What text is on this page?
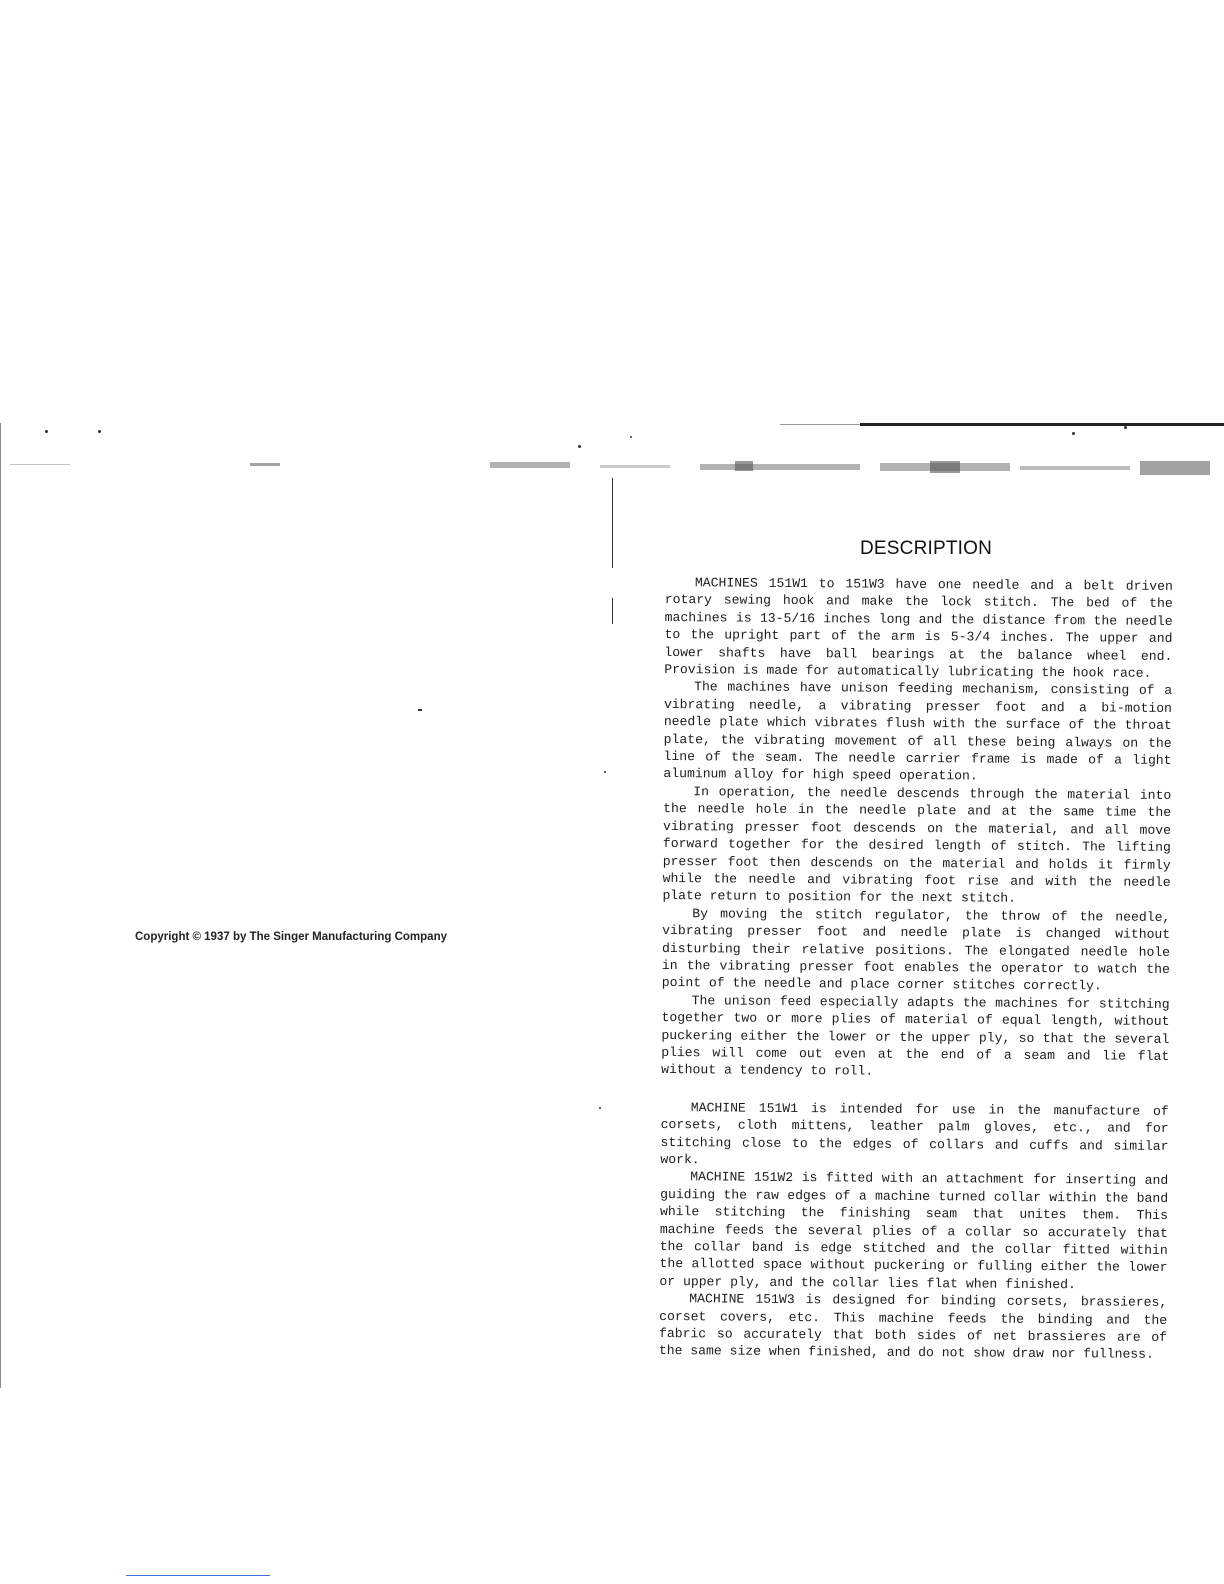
Copyright © 1937 by The Singer Manufacturing Company
DESCRIPTION

MACHINES 151W1 to 151W3 have one needle and a belt driven rotary sewing hook and make the lock stitch. The bed of the machines is 13-5/16 inches long and the distance from the needle to the upright part of the arm is 5-3/4 inches. The upper and lower shafts have ball bearings at the balance wheel end. Provision is made for automatically lubricating the hook race.

The machines have unison feeding mechanism, consisting of a vibrating needle, a vibrating presser foot and a bi-motion needle plate which vibrates flush with the surface of the throat plate, the vibrating movement of all these being always on the line of the seam. The needle carrier frame is made of a light aluminum alloy for high speed operation.

In operation, the needle descends through the material into the needle hole in the needle plate and at the same time the vibrating presser foot descends on the material, and all move forward together for the desired length of stitch. The lifting presser foot then descends on the material and holds it firmly while the needle and vibrating foot rise and with the needle plate return to position for the next stitch.

By moving the stitch regulator, the throw of the needle, vibrating presser foot and needle plate is changed without disturbing their relative positions. The elongated needle hole in the vibrating presser foot enables the operator to watch the point of the needle and place corner stitches correctly.

The unison feed especially adapts the machines for stitching together two or more plies of material of equal length, without puckering either the lower or the upper ply, so that the several plies will come out even at the end of a seam and lie flat without a tendency to roll.

MACHINE 151W1 is intended for use in the manufacture of corsets, cloth mittens, leather palm gloves, etc., and for stitching close to the edges of collars and cuffs and similar work.

MACHINE 151W2 is fitted with an attachment for inserting and guiding the raw edges of a machine turned collar within the band while stitching the finishing seam that unites them. This machine feeds the several plies of a collar so accurately that the collar band is edge stitched and the collar fitted within the allotted space without puckering or fulling either the lower or upper ply, and the collar lies flat when finished.

MACHINE 151W3 is designed for binding corsets, brassieres, corset covers, etc. This machine feeds the binding and the fabric so accurately that both sides of net brassieres are of the same size when finished, and do not show draw nor fullness.
